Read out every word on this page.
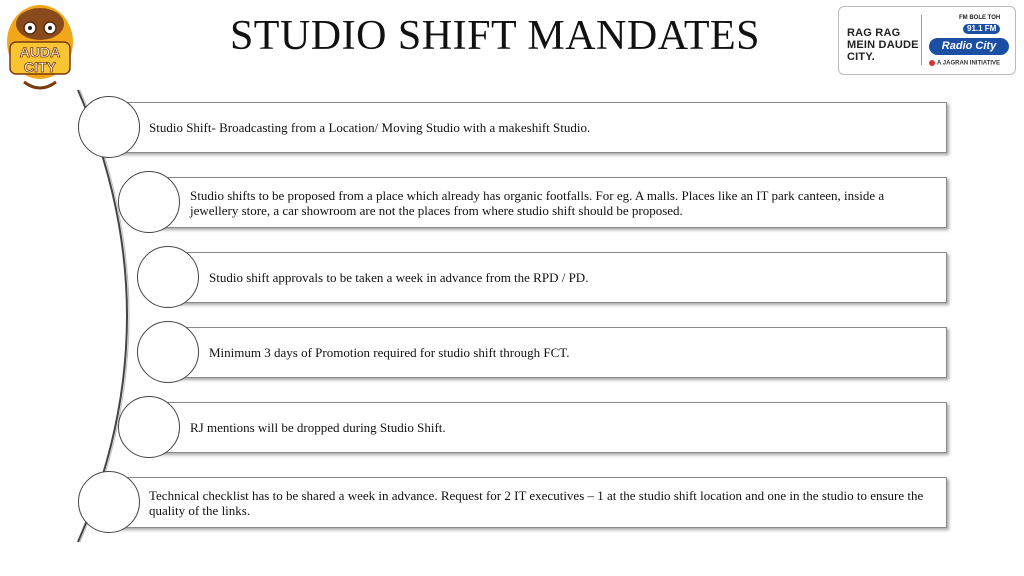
AUDA
CITY
STUDIO SHIFT MANDATES	RAG RAG MEIN DAUDE CITY.
FM BOLE TOH
91.1 FM
Radio City
A JAGRAN INITIATIVE
Studio Shift- Broadcasting from a Location/ Moving Studio with a makeshift Studio.
Studio shifts to be proposed from a place which already has organic footfalls. For eg. A malls. Places like an IT park canteen, inside a jewellery store, a car showroom are not the places from where studio shift should be proposed.
Studio shift approvals to be taken a week in advance from the RPD / PD.
Minimum 3 days of Promotion required for studio shift through FCT.
RJ mentions will be dropped during Studio Shift.
Technical checklist has to be shared a week in advance. Request for 2 IT executives – 1 at the studio shift location and one in the studio to ensure the quality of the links.
